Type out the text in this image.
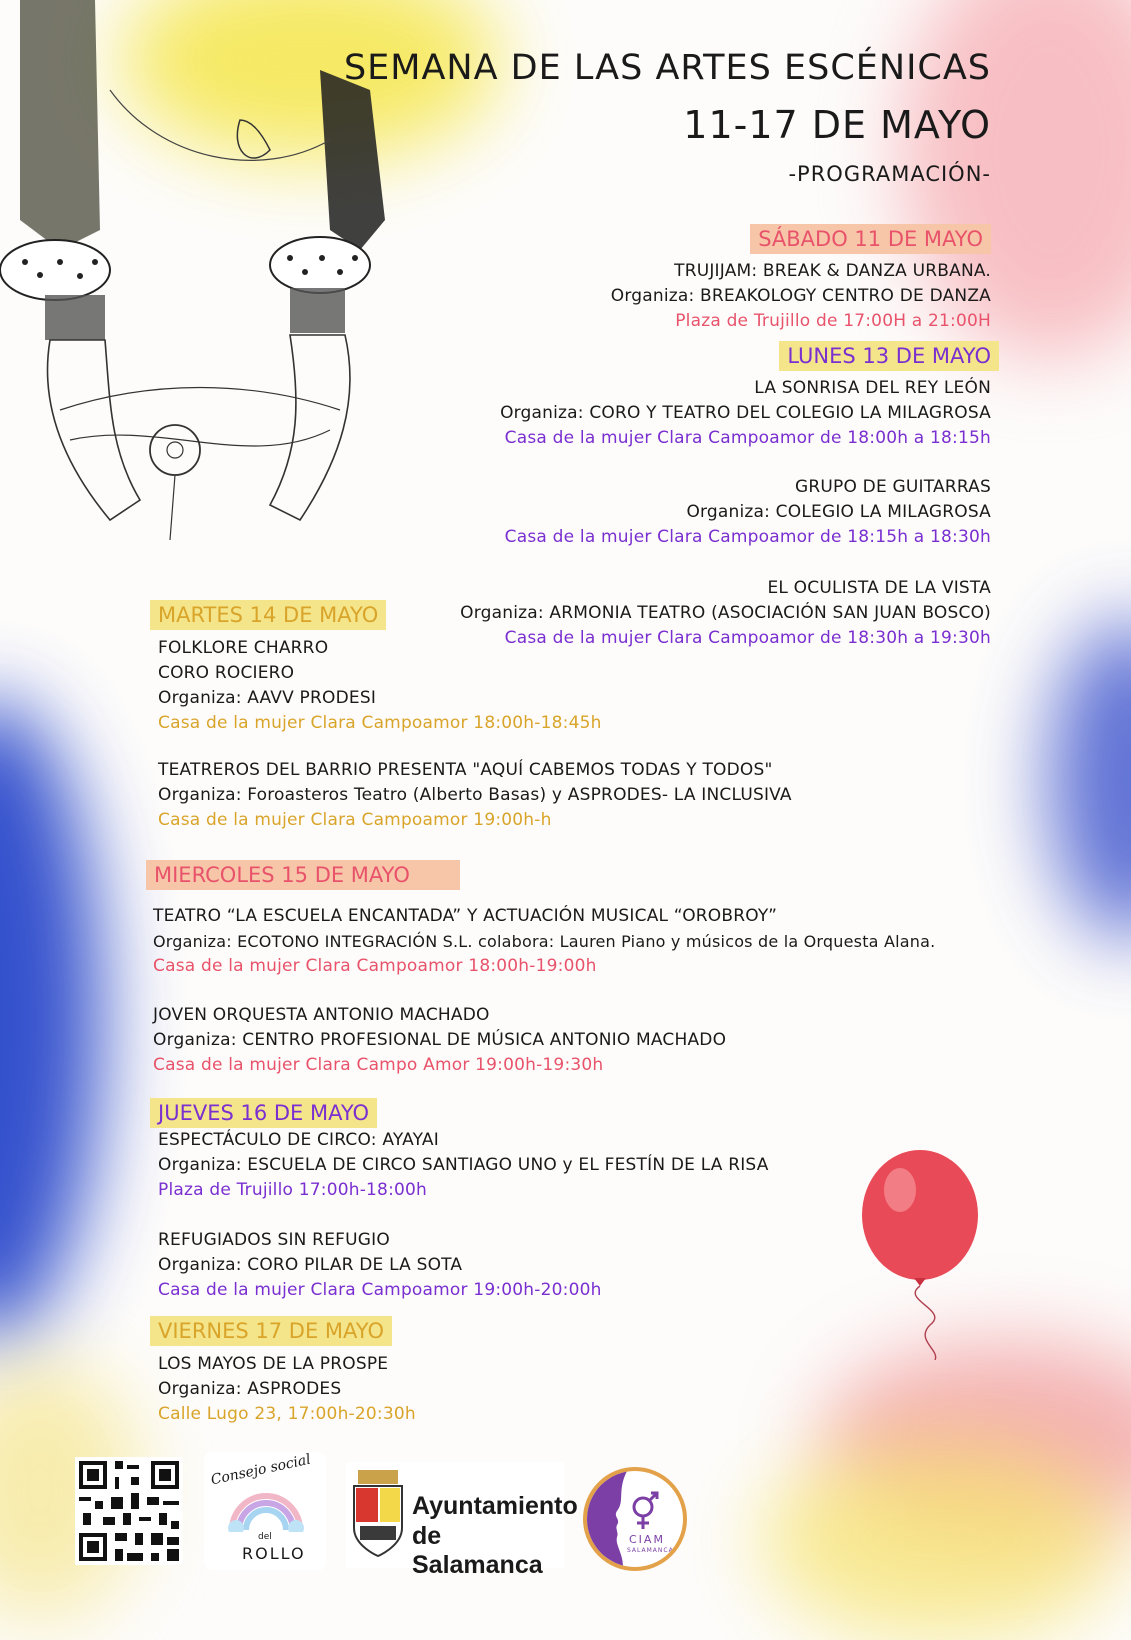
SEMANA DE LAS ARTES ESCÉNICAS
11-17 DE MAYO
-PROGRAMACIÓN-
SÁBADO 11 DE MAYO
TRUJIJAM: BREAK & DANZA URBANA.
Organiza: BREAKOLOGY CENTRO DE DANZA
Plaza de Trujillo de 17:00H a 21:00H
LUNES 13 DE MAYO
LA SONRISA DEL REY LEÓN
Organiza: CORO Y TEATRO DEL COLEGIO LA MILAGROSA
Casa de la mujer Clara Campoamor de 18:00h a 18:15h
GRUPO DE GUITARRAS
Organiza: COLEGIO LA MILAGROSA
Casa de la mujer Clara Campoamor de 18:15h a 18:30h
EL OCULISTA DE LA VISTA
Organiza: ARMONIA TEATRO (ASOCIACIÓN SAN JUAN BOSCO)
Casa de la mujer Clara Campoamor de 18:30h a 19:30h
MARTES 14 DE MAYO
FOLKLORE CHARRO
CORO ROCIERO
Organiza: AAVV PRODESI
Casa de la mujer Clara Campoamor 18:00h-18:45h
TEATREROS DEL BARRIO PRESENTA "AQUÍ CABEMOS TODAS Y TODOS"
Organiza: Foroasteros Teatro (Alberto Basas) y ASPRODES- LA INCLUSIVA
Casa de la mujer Clara Campoamor 19:00h-h
MIERCOLES 15 DE MAYO
TEATRO “LA ESCUELA ENCANTADA” Y ACTUACIÓN MUSICAL “OROBROY”
Organiza: ECOTONO INTEGRACIÓN S.L. colabora: Lauren Piano y músicos de la Orquesta Alana.
Casa de la mujer Clara Campoamor 18:00h-19:00h
JOVEN ORQUESTA ANTONIO MACHADO
Organiza: CENTRO PROFESIONAL DE MÚSICA ANTONIO MACHADO
Casa de la mujer Clara Campo Amor 19:00h-19:30h
JUEVES 16 DE MAYO
ESPECTÁCULO DE CIRCO: AYAYAI
Organiza: ESCUELA DE CIRCO SANTIAGO UNO y EL FESTÍN DE LA RISA
Plaza de Trujillo 17:00h-18:00h
REFUGIADOS SIN REFUGIO
Organiza: CORO PILAR DE LA SOTA
Casa de la mujer Clara Campoamor 19:00h-20:00h
VIERNES 17 DE MAYO
LOS MAYOS DE LA PROSPE
Organiza: ASPRODES
Calle Lugo 23, 17:00h-20:30h
Consejo social
del
ROLLO
Ayuntamiento
de Salamanca
CIAM
SALAMANCA
